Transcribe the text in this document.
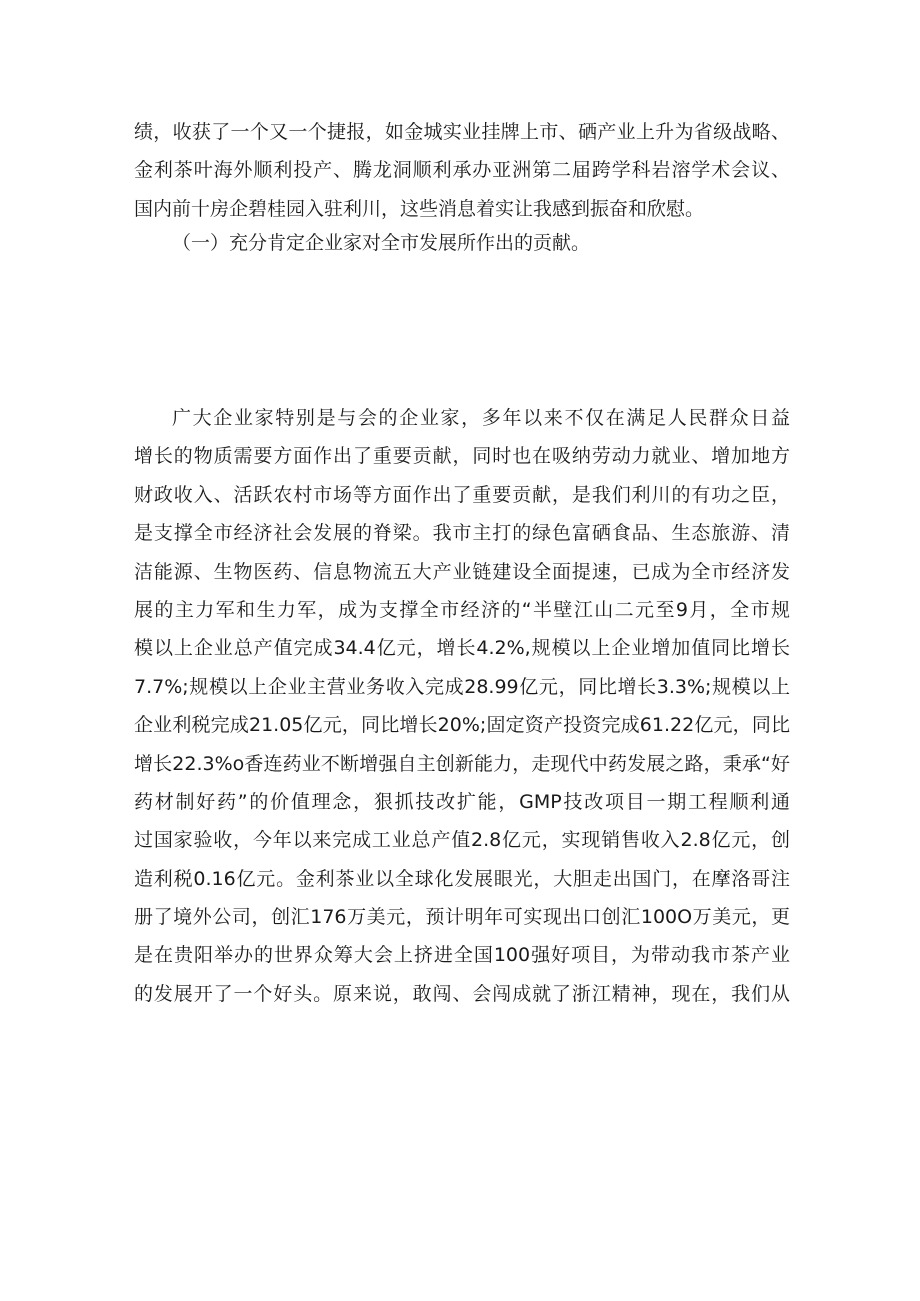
绩，收获了一个又一个捷报，如金城实业挂牌上市、硒产业上升为省级战略、
金利茶叶海外顺利投产、腾龙洞顺利承办亚洲第二届跨学科岩溶学术会议、
国内前十房企碧桂园入驻利川，这些消息着实让我感到振奋和欣慰。
（一）充分肯定企业家对全市发展所作出的贡献。
广大企业家特别是与会的企业家，多年以来不仅在满足人民群众日益
增长的物质需要方面作出了重要贡献，同时也在吸纳劳动力就业、增加地方
财政收入、活跃农村市场等方面作出了重要贡献，是我们利川的有功之臣，
是支撑全市经济社会发展的脊梁。我市主打的绿色富硒食品、生态旅游、清
洁能源、生物医药、信息物流五大产业链建设全面提速，已成为全市经济发
展的主力军和生力军，成为支撑全市经济的“半壁江山二元至9月，全市规
模以上企业总产值完成34.4亿元，增长4.2%,规模以上企业增加值同比增长
7.7%;规模以上企业主营业务收入完成28.99亿元，同比增长3.3%;规模以上
企业利税完成21.05亿元，同比增长20%;固定资产投资完成61.22亿元，同比
增长22.3%o香连药业不断增强自主创新能力，走现代中药发展之路，秉承“好
药材制好药”的价值理念，狠抓技改扩能，GMP技改项目一期工程顺利通
过国家验收，今年以来完成工业总产值2.8亿元，实现销售收入2.8亿元，创
造利税0.16亿元。金利茶业以全球化发展眼光，大胆走出国门，在摩洛哥注
册了境外公司，创汇176万美元，预计明年可实现出口创汇100O万美元，更
是在贵阳举办的世界众筹大会上挤进全国100强好项目，为带动我市茶产业
的发展开了一个好头。原来说，敢闯、会闯成就了浙江精神，现在，我们从
